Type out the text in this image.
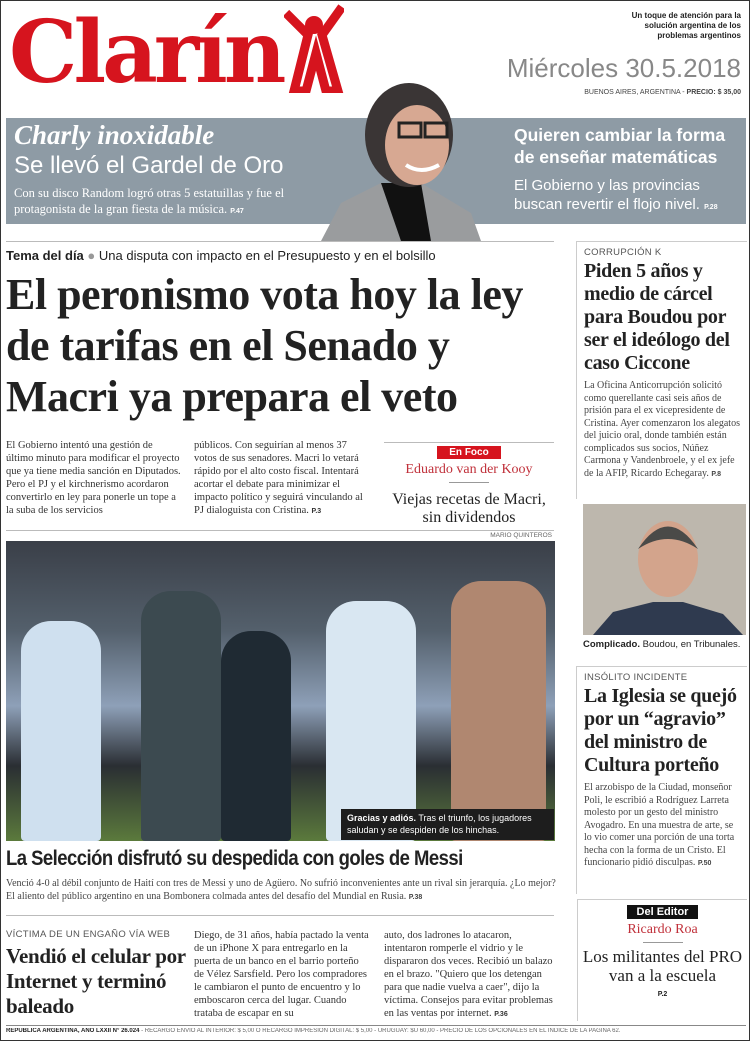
Clarín	Un toque de atención para la solución argentina de los problemas argentinos
Miércoles 30.5.2018
BUENOS AIRES, ARGENTINA - PRECIO: $ 35,00
Charly inoxidable
Se llevó el Gardel de Oro
Con su disco Random logró otras 5 estatuillas y fue el protagonista de la gran fiesta de la música. P.47
Quieren cambiar la forma de enseñar matemáticas
El Gobierno y las provincias buscan revertir el flojo nivel. P.28
Tema del día ● Una disputa con impacto en el Presupuesto y en el bolsillo
El peronismo vota hoy la ley de tarifas en el Senado y Macri ya prepara el veto
El Gobierno intentó una gestión de último minuto para modificar el proyecto que ya tiene media sanción en Diputados. Pero el PJ y el kirchnerismo acordaron convertirlo en ley para ponerle un tope a la suba de los servicios
públicos. Con seguirían al menos 37 votos de sus senadores. Macri lo vetará rápido por el alto costo fiscal. Intentará acortar el debate para minimizar el impacto político y seguirá vinculando al PJ dialoguista con Cristina. P.3
En Foco
Eduardo van der Kooy
Viejas recetas de Macri, sin dividendos
MARIO QUINTEROS
Gracias y adiós. Tras el triunfo, los jugadores saludan y se despiden de los hinchas.
La Selección disfrutó su despedida con goles de Messi
Venció 4-0 al débil conjunto de Haití con tres de Messi y uno de Agüero. No sufrió inconvenientes ante un rival sin jerarquía. ¿Lo mejor? El aliento del público argentino en una Bombonera colmada antes del desafío del Mundial en Rusia. P.38
VÍCTIMA DE UN ENGAÑO VÍA WEB
Vendió el celular por Internet y terminó baleado
Diego, de 31 años, había pactado la venta de un iPhone X para entregarlo en la puerta de un banco en el barrio porteño de Vélez Sarsfield. Pero los compradores le cambiaron el punto de encuentro y lo emboscaron cerca del lugar. Cuando trataba de escapar en su
auto, dos ladrones lo atacaron, intentaron romperle el vidrio y le dispararon dos veces. Recibió un balazo en el brazo. "Quiero que los detengan para que nadie vuelva a caer", dijo la víctima. Consejos para evitar problemas en las ventas por internet. P.36
CORRUPCIÓN K
Piden 5 años y medio de cárcel para Boudou por ser el ideólogo del caso Ciccone
La Oficina Anticorrupción solicitó como querellante casi seis años de prisión para el ex vicepresidente de Cristina. Ayer comenzaron los alegatos del juicio oral, donde también están complicados sus socios, Núñez Carmona y Vandenbroele, y el ex jefe de la AFIP, Ricardo Echegaray. P.8
Complicado. Boudou, en Tribunales.
INSÓLITO INCIDENTE
La Iglesia se quejó por un “agravio” del ministro de Cultura porteño
El arzobispo de la Ciudad, monseñor Poli, le escribió a Rodríguez Larreta molesto por un gesto del ministro Avogadro. En una muestra de arte, se lo vio comer una porción de una torta hecha con la forma de un Cristo. El funcionario pidió disculpas. P.50
Del Editor
Ricardo Roa
Los militantes del PRO van a la escuela
P.2
REPUBLICA ARGENTINA, AÑO LXXII N° 26.024 - RECARGO ENVIO AL INTERIOR: $ 5,00 O RECARGO IMPRESION DIGITAL: $ 5,00 - URUGUAY: $U 60,00 - PRECIO DE LOS OPCIONALES EN EL INDICE DE LA PAGINA 62.
